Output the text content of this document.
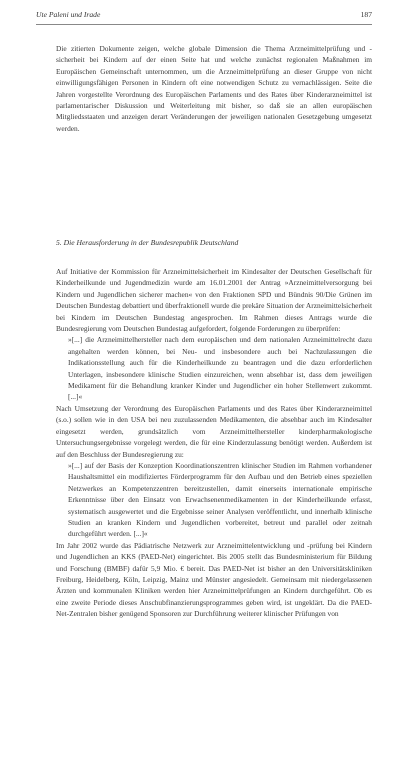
Ute Paleni und Irade	187

Die zitierten Dokumente zeigen, welche globale Dimension die Thema Arzneimittelprüfung und -sicherheit bei Kindern auf der einen Seite hat und welche zunächst regionalen Maßnahmen im Europäischen Gemeinschaft unternommen, um die Arzneimittelprüfung an dieser Gruppe von nicht einwilligungsfähigen Personen in Kindern oft eine notwendigen Schutz zu vernachlässigen. Seite die Jahren vorgestellte Verordnung des Europäischen Parlaments und des Rates über Kinderarzneimittel ist parlamentarischer Diskussion und Weiterleitung mit bisher, so daß sie an allen europäischen Mitgliedsstaaten und anzeigen derart Veränderungen der jeweiligen nationalen Gesetzgebung umgesetzt werden.

5. Die Herausforderung in der Bundesrepublik Deutschland

Auf Initiative der Kommission für Arzneimittelsicherheit im Kindesalter der Deutschen Gesellschaft für Kinderheilkunde und Jugendmedizin wurde am 16.01.2001 der Antrag »Arzneimittelversorgung bei Kindern und Jugendlichen sicherer machen« von den Fraktionen SPD und Bündnis 90/Die Grünen im Deutschen Bundestag debattiert und überfraktionell wurde die prekäre Situation der Arzneimittelsicherheit bei Kindern im Deutschen Bundestag angesprochen. Im Rahmen dieses Antrags wurde die Bundesregierung vom Deutschen Bundestag aufgefordert, folgende Forderungen zu überprüfen:

»[...] die Arzneimittelhersteller nach dem europäischen und dem nationalen Arzneimittelrecht dazu angehalten werden können, bei Neu- und insbesondere auch bei Nachzulassungen die Indikationsstellung auch für die Kinderheilkunde zu beantragen und die dazu erforderlichen Unterlagen, insbesondere klinische Studien einzureichen, wenn absehbar ist, dass dem jeweiligen Medikament für die Behandlung kranker Kinder und Jugendlicher ein hoher Stellenwert zukommt. [...]«

Nach Umsetzung der Verordnung des Europäischen Parlaments und des Rates über Kinderarzneimittel (s.o.) sollen wie in den USA bei neu zuzulassenden Medikamenten, die absehbar auch im Kindesalter eingesetzt werden, grundsätzlich vom Arzneimittelhersteller kinderpharmakologische Untersuchungsergebnisse vorgelegt werden, die für eine Kinderzulassung benötigt werden. Außerdem ist auf den Beschluss der Bundesregierung zu:

»[...] auf der Basis der Konzeption Koordinationszentren klinischer Studien im Rahmen vorhandener Haushaltsmittel ein modifiziertes Förderprogramm für den Aufbau und den Betrieb eines speziellen Netzwerkes an Kompetenzzentren bereitzustellen, damit einerseits internationale empirische Erkenntnisse über den Einsatz von Erwachsenenmedikamenten in der Kinderheilkunde erfasst, systematisch ausgewertet und die Ergebnisse seiner Analysen veröffentlicht, und innerhalb klinische Studien an kranken Kindern und Jugendlichen vorbereitet, betreut und parallel oder zeitnah durchgeführt werden. [...]«

Im Jahr 2002 wurde das Pädiatrische Netzwerk zur Arzneimittelentwicklung und -prüfung bei Kindern und Jugendlichen an KKS (PAED-Net) eingerichtet. Bis 2005 stellt das Bundesministerium für Bildung und Forschung (BMBF) dafür 5,9 Mio. € bereit. Das PAED-Net ist bisher an den Universitätskliniken Freiburg, Heidelberg, Köln, Leipzig, Mainz und Münster angesiedelt. Gemeinsam mit niedergelassenen Ärzten und kommunalen Kliniken werden hier Arzneimittelprüfungen an Kindern durchgeführt. Ob es eine zweite Periode dieses Anschubfinanzierungsprogrammes geben wird, ist ungeklärt. Da die PAED-Net-Zentralen bisher genügend Sponsoren zur Durchführung weiterer klinischer Prüfungen von
